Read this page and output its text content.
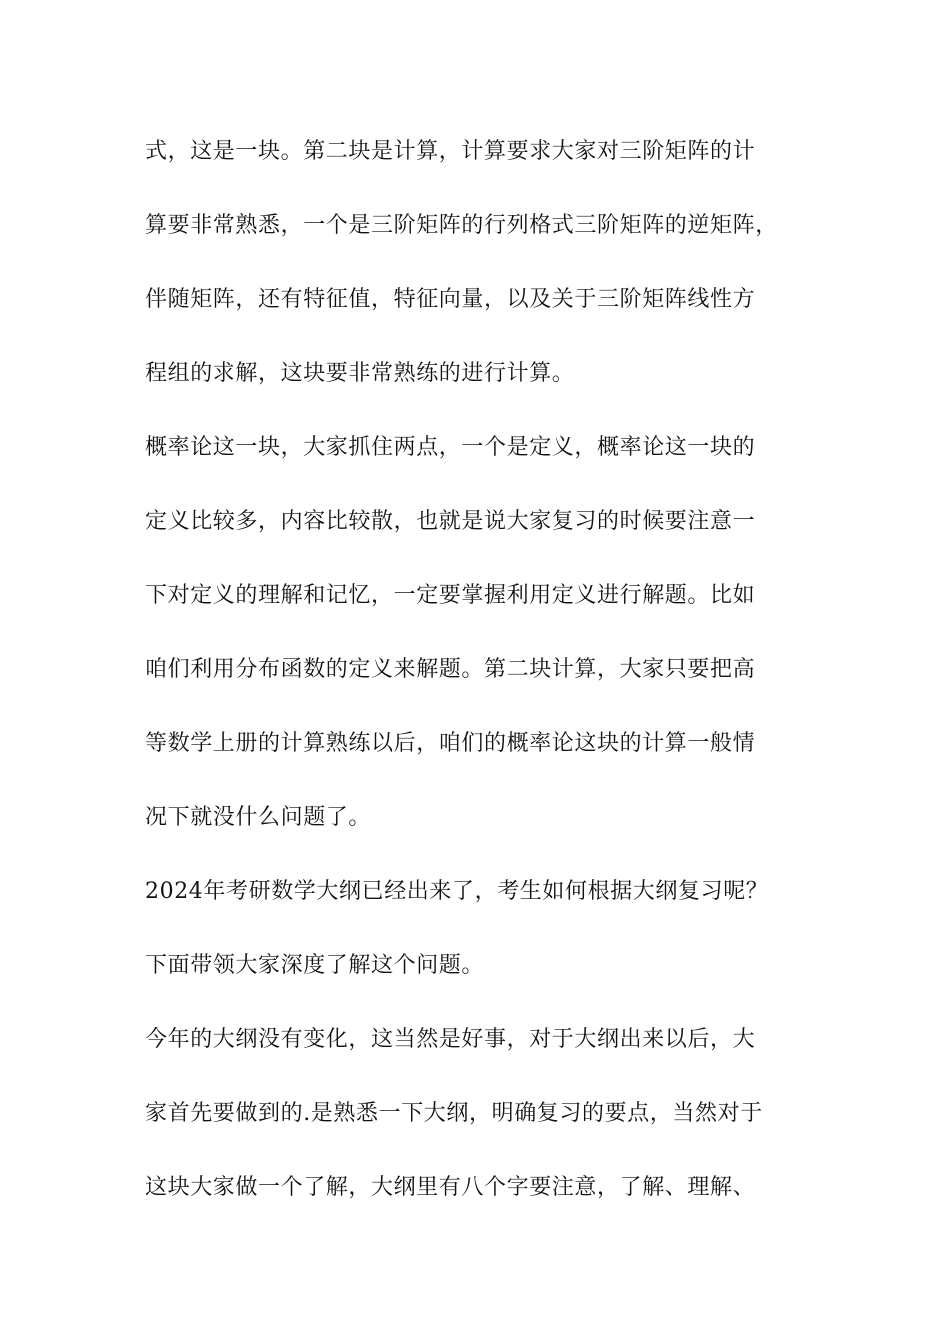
式，这是一块。第二块是计算，计算要求大家对三阶矩阵的计
算要非常熟悉，一个是三阶矩阵的行列格式三阶矩阵的逆矩阵，
伴随矩阵，还有特征值，特征向量，以及关于三阶矩阵线性方
程组的求解，这块要非常熟练的进行计算。
概率论这一块，大家抓住两点，一个是定义，概率论这一块的
定义比较多，内容比较散，也就是说大家复习的时候要注意一
下对定义的理解和记忆，一定要掌握利用定义进行解题。比如
咱们利用分布函数的定义来解题。第二块计算，大家只要把高
等数学上册的计算熟练以后，咱们的概率论这块的计算一般情
况下就没什么问题了。
2024年考研数学大纲已经出来了，考生如何根据大纲复习呢？
下面带领大家深度了解这个问题。
今年的大纲没有变化，这当然是好事，对于大纲出来以后，大
家首先要做到的.是熟悉一下大纲，明确复习的要点，当然对于
这块大家做一个了解，大纲里有八个字要注意，了解、理解、
